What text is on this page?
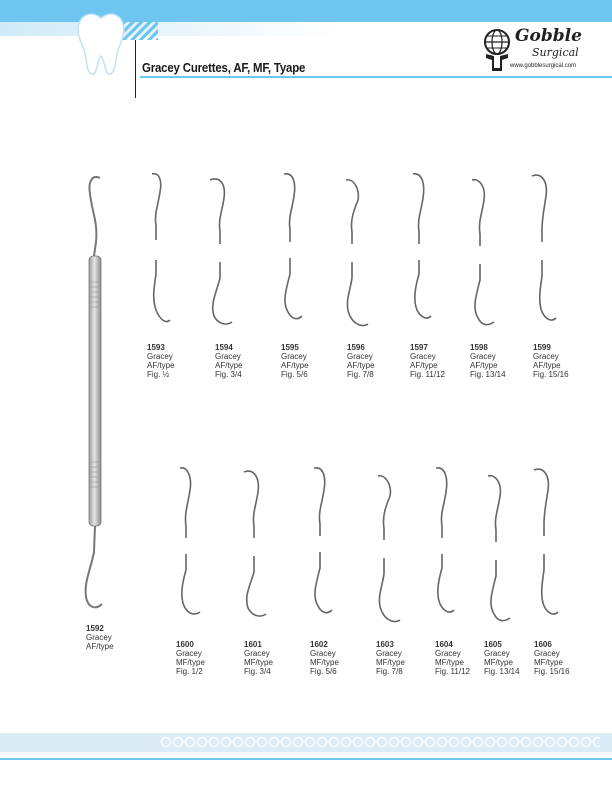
Gracey Curettes, AF, MF, Tyape
Gobble
Surgical
www.gobblesurgical.com
1592
Gracey
AF/type
1593
Gracey
AF/type
Fig. ½
1594
Gracey
AF/type
Fig. 3/4
1595
Gracey
AF/type
Fig. 5/6
1596
Gracey
AF/type
Fig. 7/8
1597
Gracey
AF/type
Fig. 11/12
1598
Gracey
AF/type
Fig. 13/14
1599
Gracey
AF/type
Fig. 15/16
1600
Gracey
MF/type
Fig. 1/2
1601
Gracey
MF/type
Fig. 3/4
1602
Gracey
MF/type
Fig. 5/6
1603
Gracey
MF/type
Fig. 7/8
1604
Gracey
MF/type
Fig. 11/12
1605
Gracey
MF/type
Fig. 13/14
1606
Gracey
MF/type
Fig. 15/16
